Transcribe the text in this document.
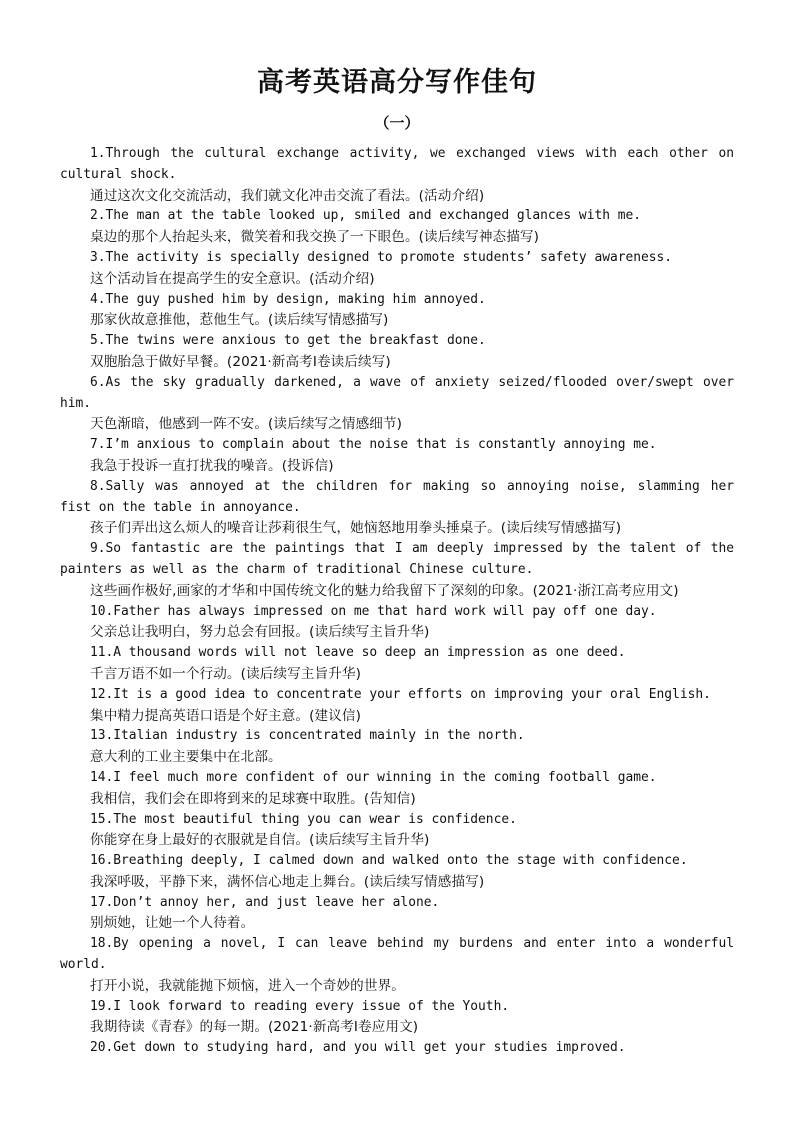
高考英语高分写作佳句
（一）

1.Through the cultural exchange activity, we exchanged views with each other on cultural shock.

通过这次文化交流活动，我们就文化冲击交流了看法。(活动介绍)

2.The man at the table looked up, smiled and exchanged glances with me.

桌边的那个人抬起头来，微笑着和我交换了一下眼色。(读后续写神态描写)

3.The activity is specially designed to promote students’ safety awareness.

这个活动旨在提高学生的安全意识。(活动介绍)

4.The guy pushed him by design, making him annoyed.

那家伙故意推他，惹他生气。(读后续写情感描写)

5.The twins were anxious to get the breakfast done.

双胞胎急于做好早餐。(2021·新高考Ⅰ卷读后续写)

6.As the sky gradually darkened, a wave of anxiety seized/flooded over/swept over him.

天色渐暗，他感到一阵不安。(读后续写之情感细节)

7.I’m anxious to complain about the noise that is constantly annoying me.

我急于投诉一直打扰我的噪音。(投诉信)

8.Sally was annoyed at the children for making so annoying noise, slamming her fist on the table in annoyance.

孩子们弄出这么烦人的噪音让莎莉很生气，她恼怒地用拳头捶桌子。(读后续写情感描写)

9.So fantastic are the paintings that I am deeply impressed by the talent of the painters as well as the charm of traditional Chinese culture.

这些画作极好,画家的才华和中国传统文化的魅力给我留下了深刻的印象。(2021·浙江高考应用文)

10.Father has always impressed on me that hard work will pay off one day.

父亲总让我明白，努力总会有回报。(读后续写主旨升华)

11.A thousand words will not leave so deep an impression as one deed.

千言万语不如一个行动。(读后续写主旨升华)

12.It is a good idea to concentrate your efforts on improving your oral English.

集中精力提高英语口语是个好主意。(建议信)

13.Italian industry is concentrated mainly in the north.

意大利的工业主要集中在北部。

14.I feel much more confident of our winning in the coming football game.

我相信，我们会在即将到来的足球赛中取胜。(告知信)

15.The most beautiful thing you can wear is confidence.

你能穿在身上最好的衣服就是自信。(读后续写主旨升华)

16.Breathing deeply, I calmed down and walked onto the stage with confidence.

我深呼吸，平静下来，满怀信心地走上舞台。(读后续写情感描写)

17.Don’t annoy her, and just leave her alone.

别烦她，让她一个人待着。

18.By opening a novel, I can leave behind my burdens and enter into a wonderful world.

打开小说，我就能抛下烦恼，进入一个奇妙的世界。

19.I look forward to reading every issue of the Youth.

我期待读《青春》的每一期。(2021·新高考Ⅰ卷应用文)

20.Get down to studying hard, and you will get your studies improved.
